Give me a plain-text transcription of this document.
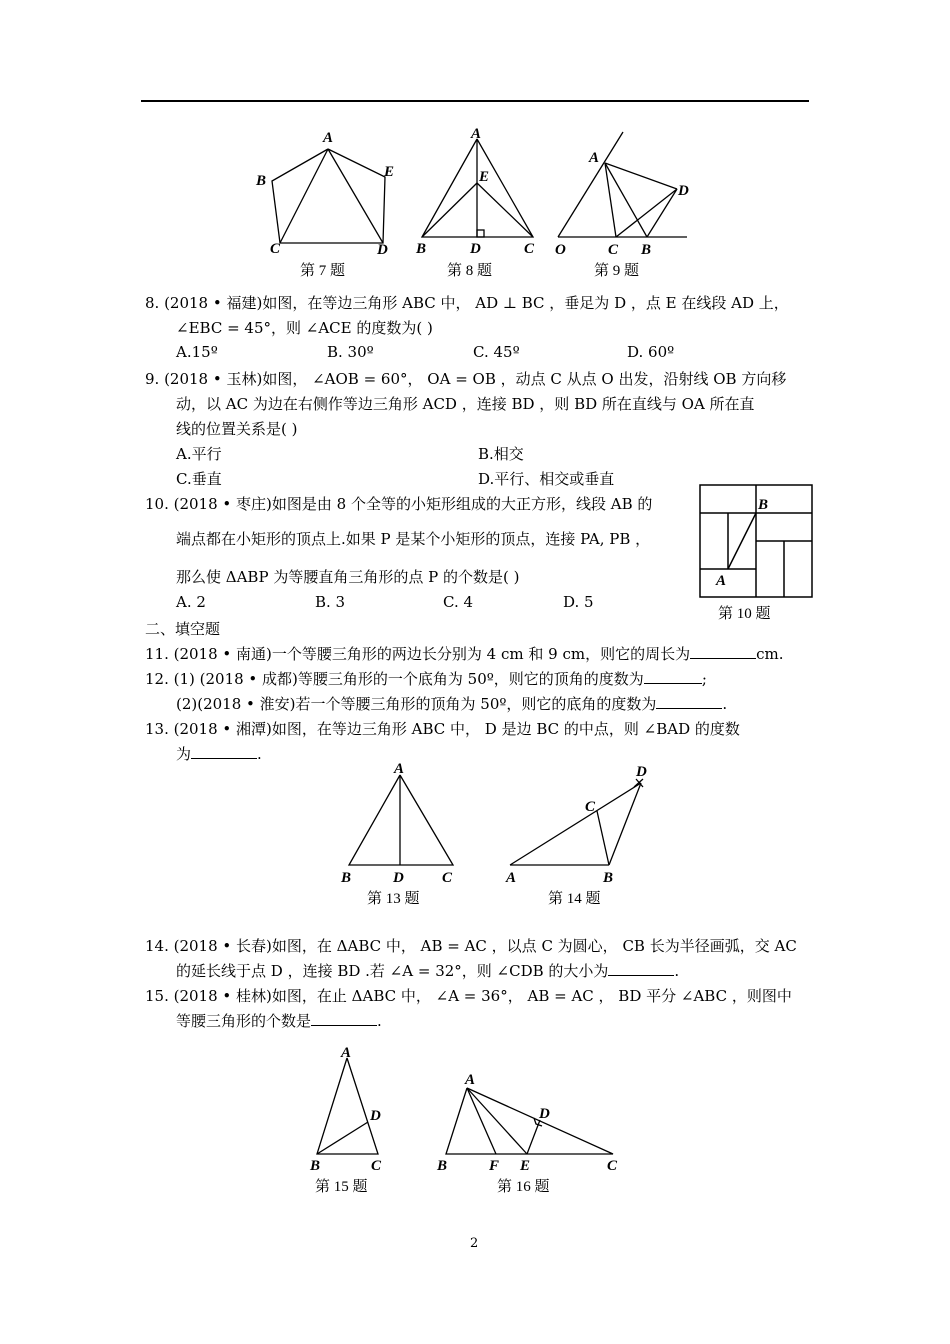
A
B
C	D
E
第 7 题
A
E
B	D	C
第 8 题
A
D
O	C B
第 9 题
8. (2018 • 福建)如图，在等边三角形 ABC 中， AD ⊥ BC ，垂足为 D ，点 E 在线段 AD 上，
∠EBC = 45°，则 ∠ACE 的度数为( )
A.15º	B. 30º	C. 45º	D. 60º
9. (2018 • 玉林)如图， ∠AOB = 60°， OA = OB ，动点 C 从点 O 出发，沿射线 OB 方向移
动，以 AC 为边在右侧作等边三角形 ACD ，连接 BD ，则 BD 所在直线与 OA 所在直
线的位置关系是( )
A.平行	B.相交
C.垂直	D.平行、相交或垂直
10. (2018 • 枣庄)如图是由 8 个全等的小矩形组成的大正方形，线段 AB 的
端点都在小矩形的顶点上.如果 P 是某个小矩形的顶点，连接 PA, PB ，
那么使 ΔABP 为等腰直角三角形的点 P 的个数是( )
A. 2	B. 3	C. 4	D. 5
B
A
第 10 题
二、填空题
11. (2018 • 南通)一个等腰三角形的两边长分别为 4 cm 和 9 cm，则它的周长为	cm.
12. (1) (2018 • 成都)等腰三角形的一个底角为 50º，则它的顶角的度数为	;
(2)(2018 • 淮安)若一个等腰三角形的顶角为 50º，则它的底角的度数为	.
13. (2018 • 湘潭)如图，在等边三角形 ABC 中， D 是边 BC 的中点，则 ∠BAD 的度数
为	.
A
B	D	C
第 13 题
D
C
A	B
第 14 题
14. (2018 • 长春)如图，在 ΔABC 中， AB = AC ，以点 C 为圆心， CB 长为半径画弧，交 AC
的延长线于点 D ，连接 BD .若 ∠A = 32°，则 ∠CDB 的大小为	.
15. (2018 • 桂林)如图，在止 ΔABC 中， ∠A = 36°， AB = AC ， BD 平分 ∠ABC ，则图中
等腰三角形的个数是	.
A
D
B	C
第 15 题
A
D
B	F E	C
第 16 题
2
